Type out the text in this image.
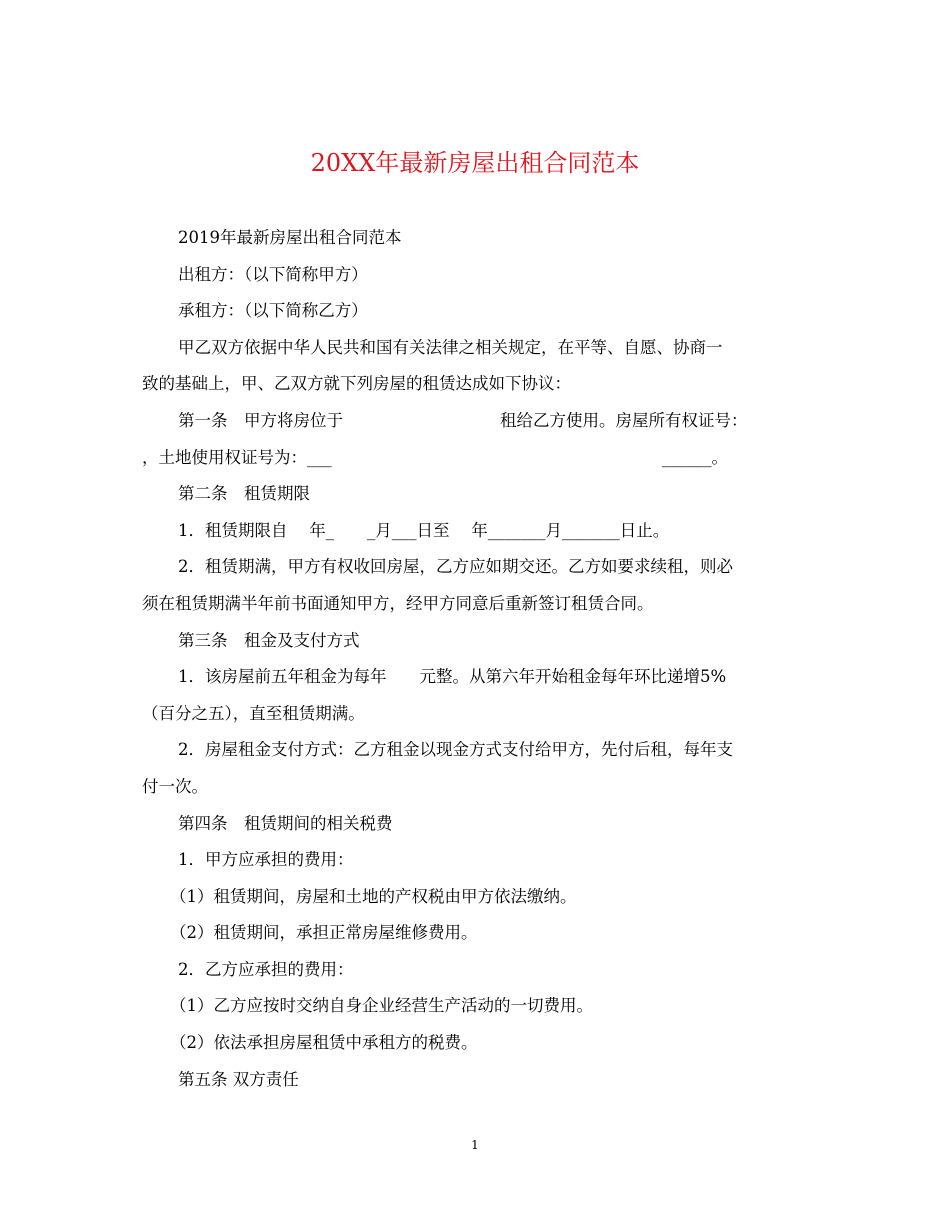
20XX年最新房屋出租合同范本
2019年最新房屋出租合同范本
出租方：（以下简称甲方）
承租方：（以下简称乙方）
甲乙双方依据中华人民共和国有关法律之相关规定，在平等、自愿、协商一
致的基础上，甲、乙双方就下列房屋的租赁达成如下协议：
第一条　甲方将房位于	租给乙方使用。房屋所有权证号：
，土地使用权证号为：___	______。
第二条　租赁期限
1．租赁期限自　 年_　　_月___日至　 年_______月_______日止。
2．租赁期满，甲方有权收回房屋，乙方应如期交还。乙方如要求续租，则必
须在租赁期满半年前书面通知甲方，经甲方同意后重新签订租赁合同。
第三条　租金及支付方式
1．该房屋前五年租金为每年　　元整。从第六年开始租金每年环比递增5%
（百分之五），直至租赁期满。
2．房屋租金支付方式：乙方租金以现金方式支付给甲方，先付后租，每年支
付一次。
第四条　租赁期间的相关税费
1．甲方应承担的费用：
（1）租赁期间，房屋和土地的产权税由甲方依法缴纳。
（2）租赁期间，承担正常房屋维修费用。
2．乙方应承担的费用：
（1）乙方应按时交纳自身企业经营生产活动的一切费用。
（2）依法承担房屋租赁中承租方的税费。
第五条 双方责任
1
